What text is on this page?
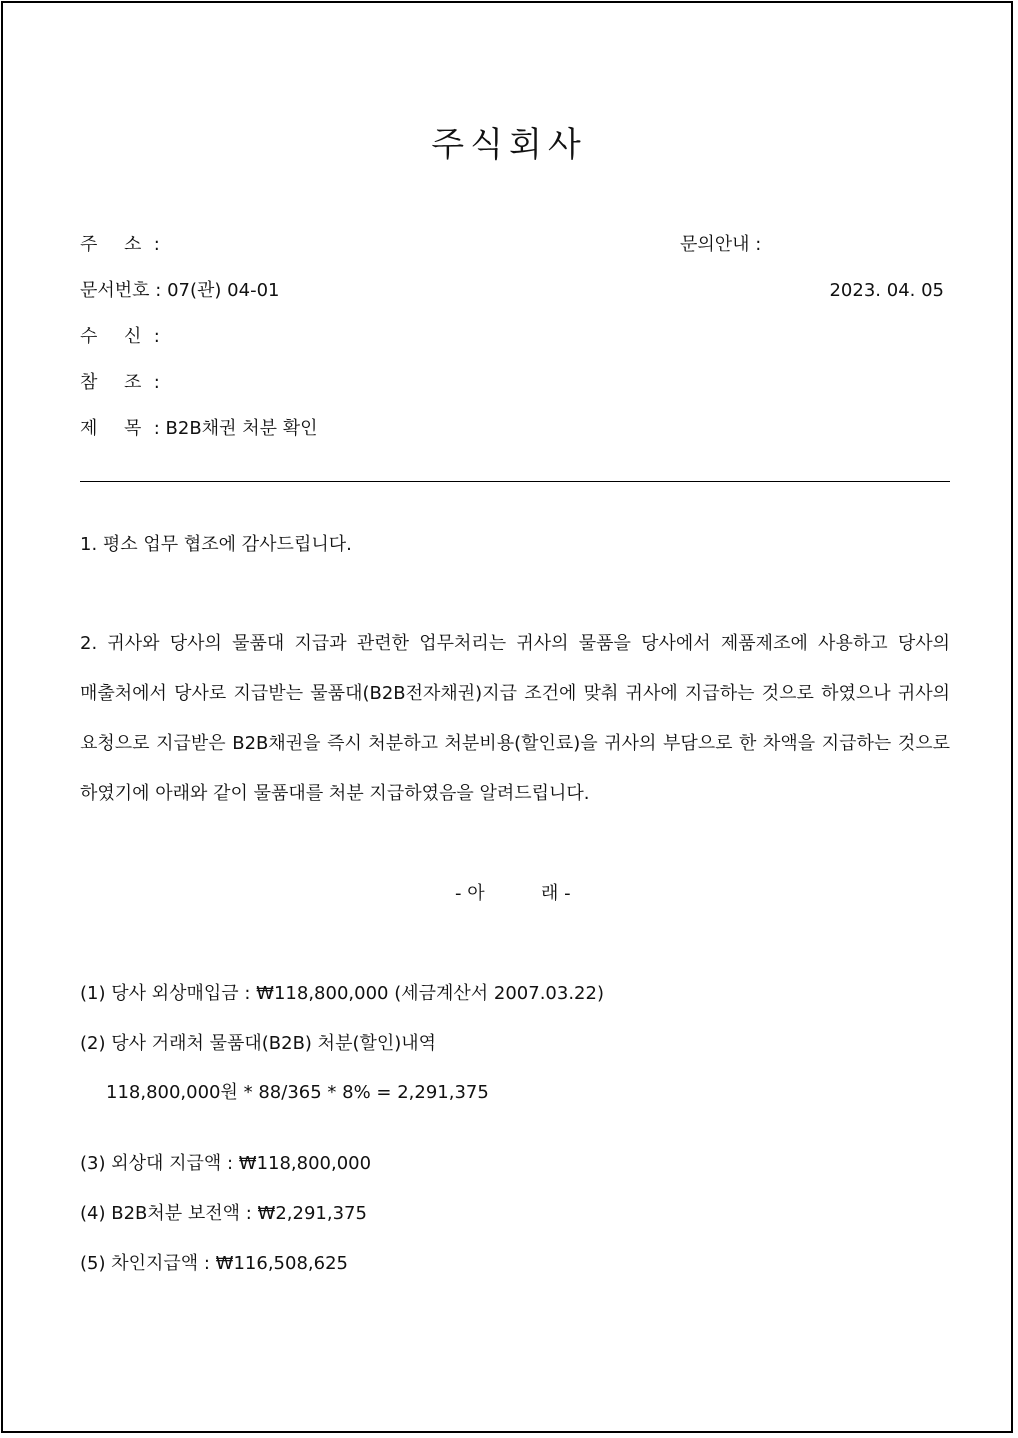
주식회사
주 소 :	문의안내 :
문서번호 : 07(관) 04-01	2023. 04. 05
수 신 :
참 조 :
제 목 : B2B채권 처분 확인
1. 평소 업무 협조에 감사드립니다.
2. 귀사와 당사의 물품대 지급과 관련한 업무처리는 귀사의 물품을 당사에서 제품제조에 사용하고 당사의 매출처에서 당사로 지급받는 물품대(B2B전자채권)지급 조건에 맞춰 귀사에 지급하는 것으로 하였으나 귀사의 요청으로 지급받은 B2B채권을 즉시 처분하고 처분비용(할인료)을 귀사의 부담으로 한 차액을 지급하는 것으로 하였기에 아래와 같이 물품대를 처분 지급하였음을 알려드립니다.
- 아	래 -
(1) 당사 외상매입금 : ₩118,800,000 (세금계산서 2007.03.22)
(2) 당사 거래처 물품대(B2B) 처분(할인)내역
118,800,000원 * 88/365 * 8% = 2,291,375
(3) 외상대 지급액 : ₩118,800,000
(4) B2B처분 보전액 : ₩2,291,375
(5) 차인지급액 : ₩116,508,625
